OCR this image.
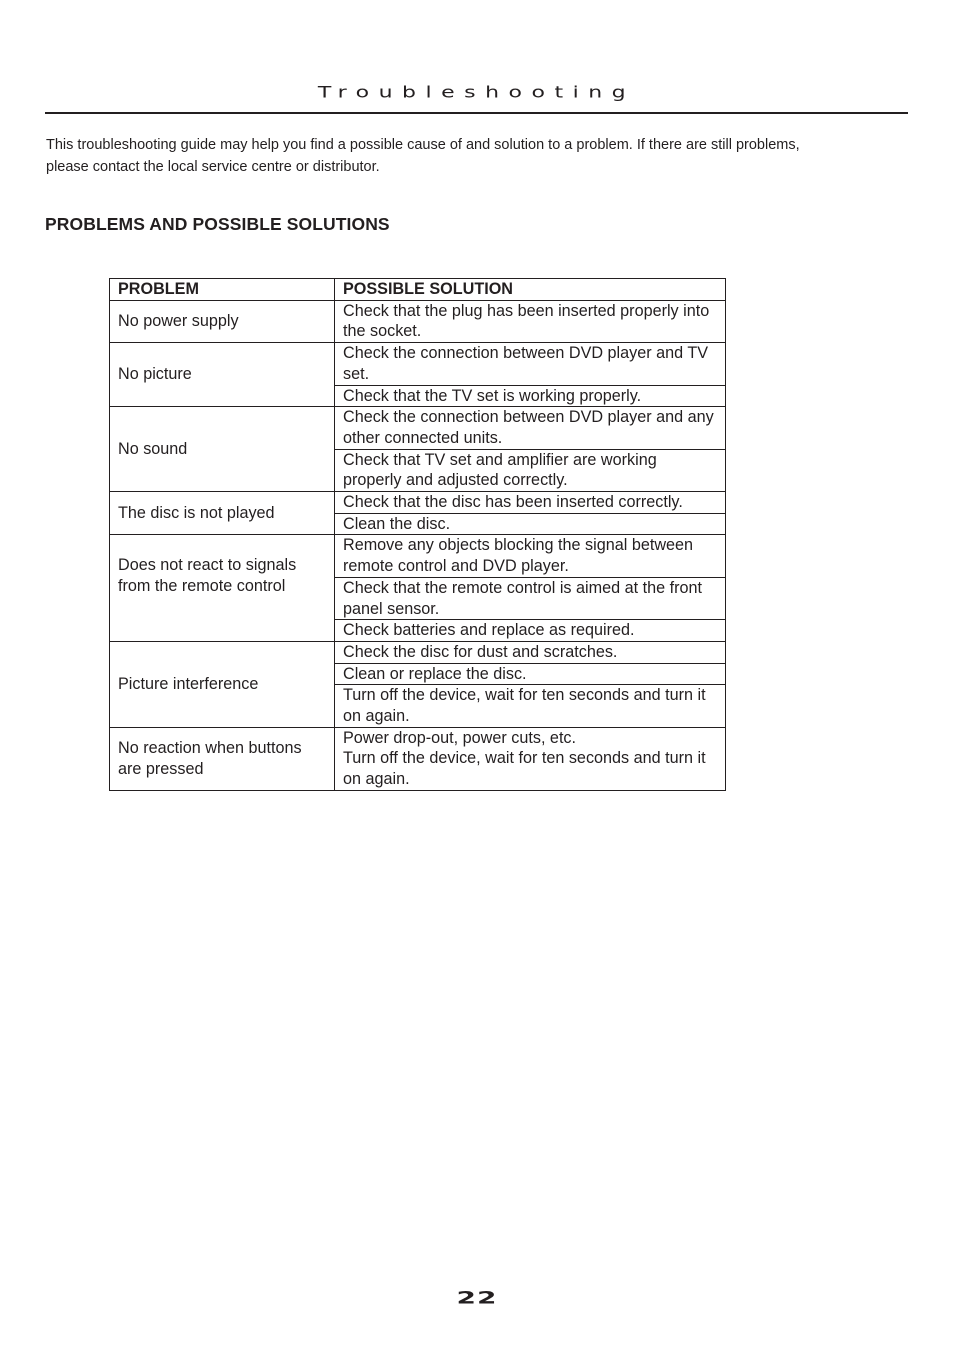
Troubleshooting
This troubleshooting guide may help you find a possible cause of and solution to a problem. If there are still problems, please contact the local service centre or distributor.
PROBLEMS AND POSSIBLE SOLUTIONS
PROBLEM	POSSIBLE SOLUTION
No power supply	Check that the plug has been inserted properly into the socket.
No picture	Check the connection between DVD player and TV set.
	Check that the TV set is working properly.
No sound	Check the connection between DVD player and any other connected units.
	Check that TV set and amplifier are working properly and adjusted correctly.
The disc is not played	Check that the disc has been inserted correctly.
	Clean the disc.
Does not react to signals from the remote control	Remove any objects blocking the signal between remote control and DVD player.
	Check that the remote control is aimed at the front panel sensor.
	Check batteries and replace as required.
Picture interference	Check the disc for dust and scratches.
	Clean or replace the disc.
	Turn off the device, wait for ten seconds and turn it on again.
No reaction when buttons are pressed	Power drop-out, power cuts, etc.
Turn off the device, wait for ten seconds and turn it on again.
22
